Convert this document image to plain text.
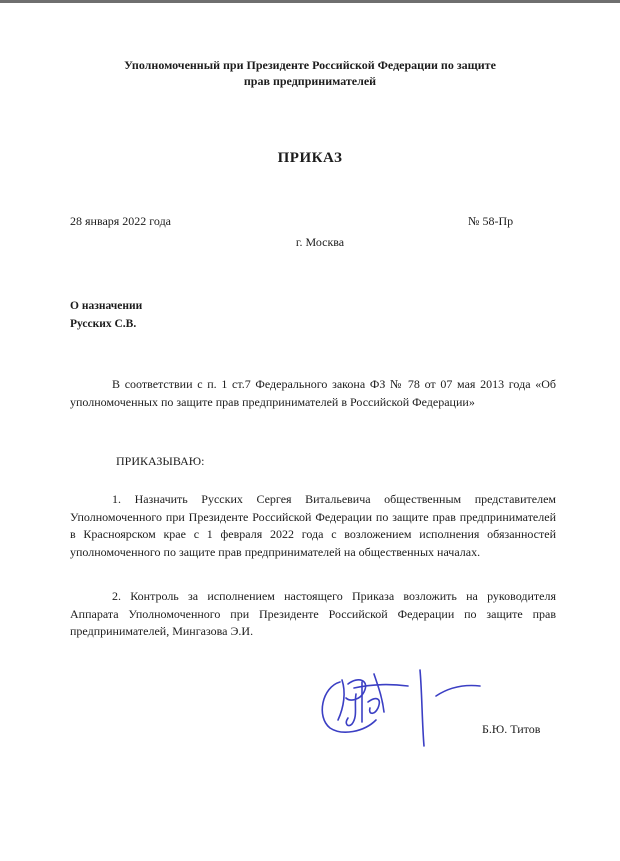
Уполномоченный при Президенте Российской Федерации по защите
прав предпринимателей
ПРИКАЗ
28 января 2022 года	№ 58-Пр
г. Москва
О назначении
Русских С.В.
В соответствии с п. 1 ст.7 Федерального закона ФЗ № 78 от 07 мая 2013 года «Об уполномоченных по защите прав предпринимателей в Российской Федерации»
ПРИКАЗЫВАЮ:
1. Назначить Русских Сергея Витальевича общественным представителем Уполномоченного при Президенте Российской Федерации по защите прав предпринимателей в Красноярском крае с 1 февраля 2022 года с возложением исполнения обязанностей уполномоченного по защите прав предпринимателей на общественных началах.
2. Контроль за исполнением настоящего Приказа возложить на руководителя Аппарата Уполномоченного при Президенте Российской Федерации по защите прав предпринимателей, Мингазова Э.И.
Б.Ю. Титов
